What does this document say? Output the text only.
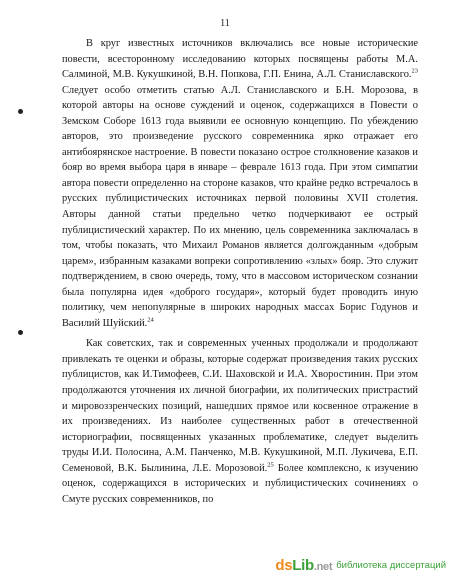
11

В круг известных источников включались все новые исторические повести, всесторонному исследованию которых посвящены работы М.А. Салминой, М.В. Кукушкиной, В.Н. Попкова, Г.П. Енина, А.Л. Станиславского.$^{23}$ Следует особо отметить статью А.Л. Станиславского и Б.Н. Морозова, в которой авторы на основе суждений и оценок, содержащихся в Повести о Земском Соборе 1613 года выявили ее основную концепцию. По убеждению авторов, это произведение русского современника ярко отражает его антибоярянское настроение. В повести показано острое столкновение казаков и бояр во время выбора царя в январе – феврале 1613 года. При этом симпатии автора повести определенно на стороне казаков, что крайне редко встречалось в русских публицистических источниках первой половины XVII столетия. Авторы данной статьи предельно четко подчеркивают ее острый публицистический характер. По их мнению, цель современника заключалась в том, чтобы показать, что Михаил Романов является долгожданным «добрым царем», избранным казаками вопреки сопротивлению «злых» бояр. Это служит подтверждением, в свою очередь, тому, что в массовом историческом сознании была популярна идея «доброго государя», который будет проводить иную политику, чем непопулярные в широких народных массах Борис Годунов и Василий Шуйский.$^{24}$

Как советских, так и современных ученных продолжали и продолжают привлекать те оценки и образы, которые содержат произведения таких русских публицистов, как И.Тимофеев, С.И. Шаховской и И.А. Хворостинин. При этом продолжаются уточнения их личной биографии, их политических пристрастий и мировоззренческих позиций, нашедших прямое или косвенное отражение в их произведениях. Из наиболее существенных работ в отечественной историографии, посвященных указанных проблематике, следует выделить труды И.И. Полосина, А.М. Панченко, М.В. Кукушкиной, М.П. Лукичева, Е.П. Семеновой, В.К. Былинина, Л.Е. Морозовой.$^{25}$ Более комплексно, к изучению оценок, содержащихся в исторических и публицистических сочинениях о Смуте русских современников, по

dsLib.net библиотека диссертаций
